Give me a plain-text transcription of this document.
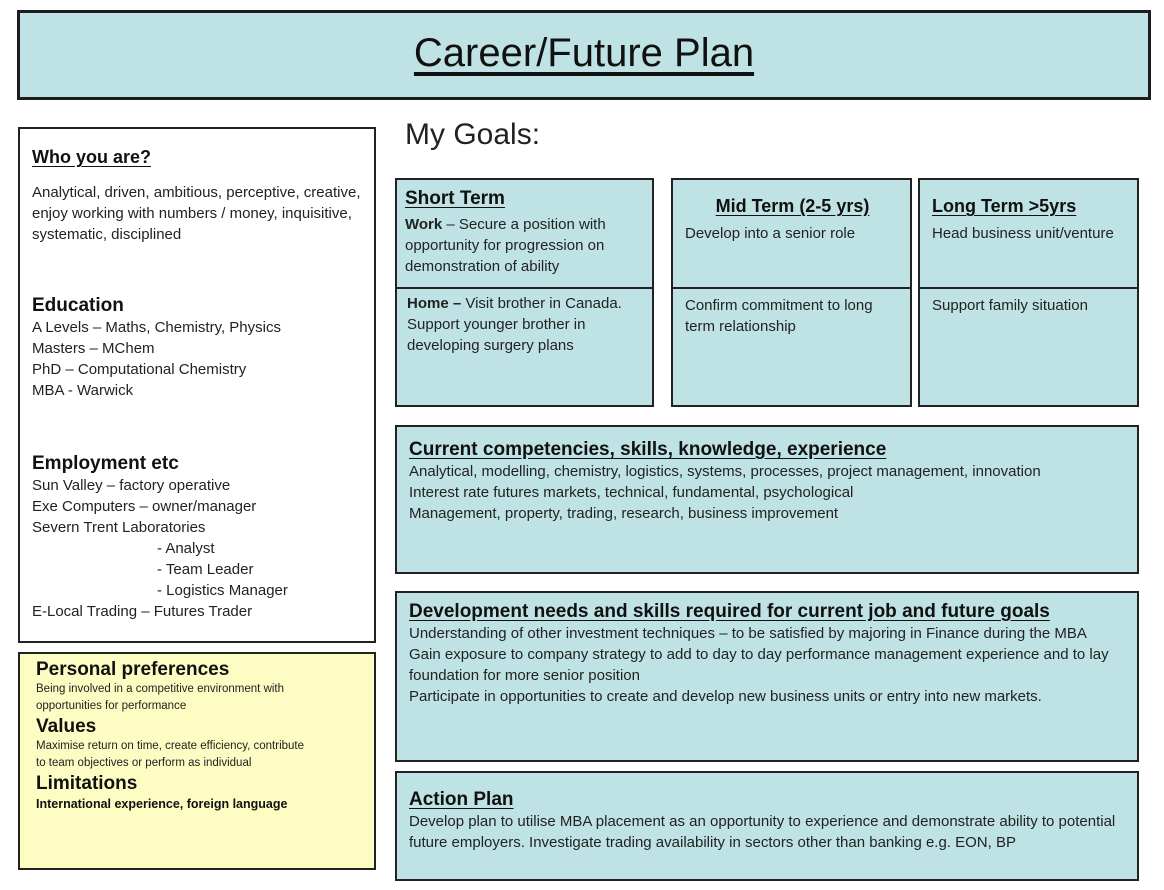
Career/Future Plan

Who you are?

Analytical, driven, ambitious, perceptive, creative, enjoy working with numbers / money, inquisitive, systematic, disciplined

Education

A Levels – Maths, Chemistry, Physics

Masters – MChem

PhD – Computational Chemistry

MBA - Warwick

Employment etc

Sun Valley – factory operative

Exe Computers – owner/manager

Severn Trent Laboratories

- Analyst

- Team Leader

- Logistics Manager

E-Local Trading – Futures Trader

Personal preferences

Being involved in a competitive environment with opportunities for performance

Values

Maximise return on time, create efficiency, contribute to team objectives or perform as individual

Limitations

International experience, foreign language

My Goals:

Short Term

Work – Secure a position with opportunity for progression on demonstration of ability

Home – Visit brother in Canada. Support younger brother in developing surgery plans

Mid Term (2-5 yrs)

Develop into a senior role

Confirm commitment to long term relationship

Long Term >5yrs

Head business unit/venture

Support family situation

Current competencies, skills, knowledge, experience

Analytical, modelling, chemistry, logistics, systems, processes, project management, innovation

Interest rate futures markets, technical, fundamental, psychological

Management, property, trading, research, business improvement

Development needs and skills required for current job and future goals

Understanding of other investment techniques – to be satisfied by majoring in Finance during the MBA

Gain exposure to company strategy to add to day to day performance management experience and to lay foundation for more senior position

Participate in opportunities to create and develop new business units or entry into new markets.

Action Plan

Develop plan to utilise MBA placement as an opportunity to experience and demonstrate ability to potential future employers. Investigate trading availability in sectors other than banking e.g. EON, BP
